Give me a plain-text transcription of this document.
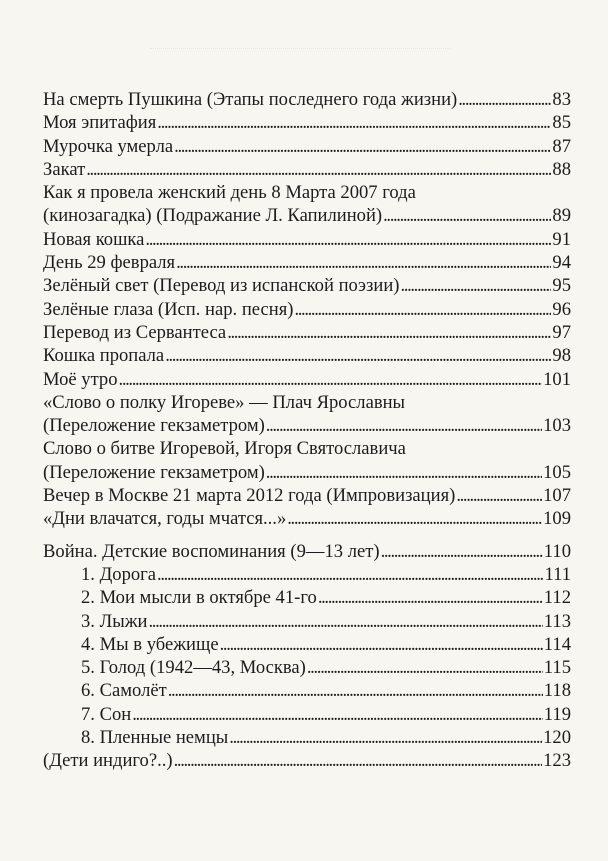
На смерть Пушкина (Этапы последнего года жизни) . . .	83
Моя эпитафия . . .	85
Мурочка умерла . . .	87
Закат . . .	88
Как я провела женский день 8 Марта 2007 года
(кинозагадка) (Подражание Л. Капилиной) . . .	89
Новая кошка . . .	91
День 29 февраля . . .	94
Зелёный свет (Перевод из испанской поэзии) . . .	95
Зелёные глаза (Исп. нар. песня) . . .	96
Перевод из Сервантеса . . .	97
Кошка пропала . . .	98
Моё утро . . .	101
«Слово о полку Игореве» — Плач Ярославны
(Переложение гекзаметром) . . .	103
Слово о битве Игоревой, Игоря Святославича
(Переложение гекзаметром) . . .	105
Вечер в Москве 21 марта 2012 года (Импровизация) . . .	107
«Дни влачатся, годы мчатся...» . . .	109
Война. Детские воспоминания (9—13 лет) . . .	110
1. Дорога . . .	111
2. Мои мысли в октябре 41-го . . .	112
3. Лыжи . . .	113
4. Мы в убежище . . .	114
5. Голод (1942—43, Москва) . . .	115
6. Самолёт . . .	118
7. Сон . . .	119
8. Пленные немцы . . .	120
(Дети индиго?..) . . .	123
